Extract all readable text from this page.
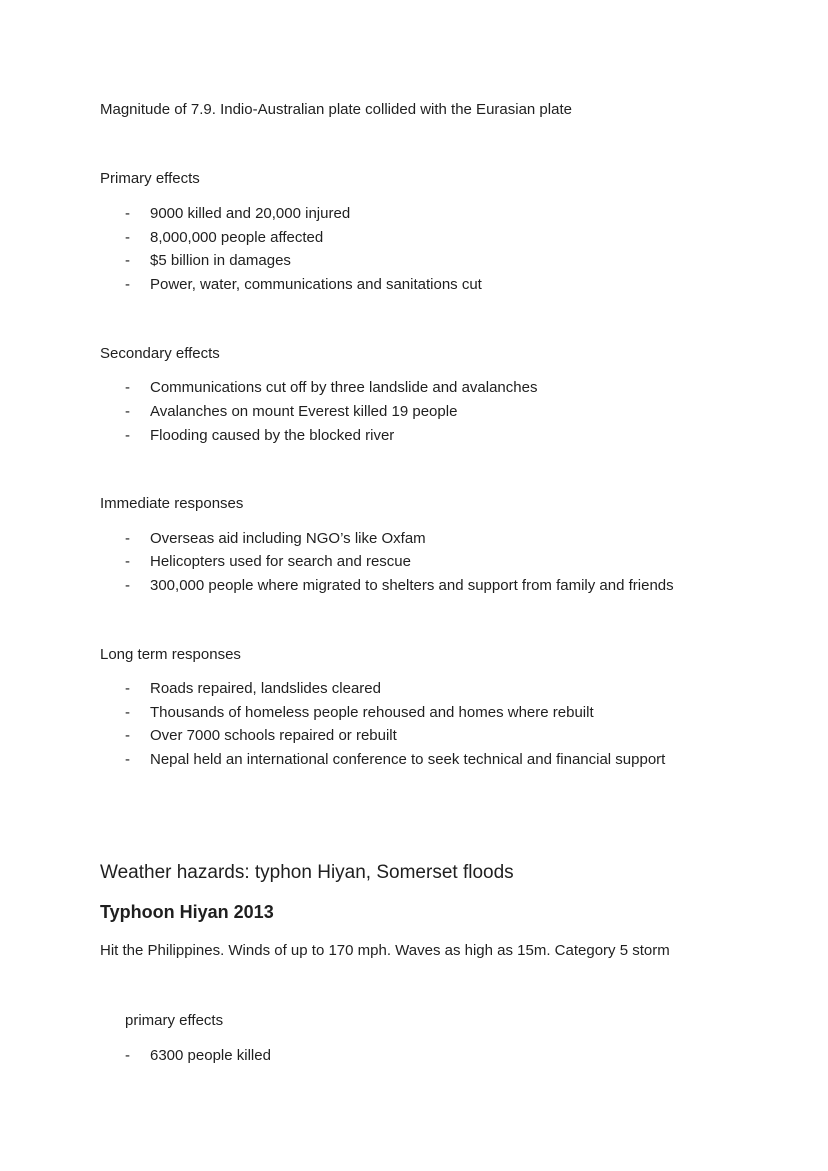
Magnitude of 7.9. Indio-Australian plate collided with the Eurasian plate
Primary effects
- 9000 killed and 20,000 injured
- 8,000,000 people affected
- $5 billion in damages
- Power, water, communications and sanitations cut
Secondary effects
- Communications cut off by three landslide and avalanches
- Avalanches on mount Everest killed 19 people
- Flooding caused by the blocked river
Immediate responses
- Overseas aid including NGO’s like Oxfam
- Helicopters used for search and rescue
- 300,000 people where migrated to shelters and support from family and friends
Long term responses
- Roads repaired, landslides cleared
- Thousands of homeless people rehoused and homes where rebuilt
- Over 7000 schools repaired or rebuilt
- Nepal held an international conference to seek technical and financial support
Weather hazards: typhon Hiyan, Somerset floods
Typhoon Hiyan 2013
Hit the Philippines. Winds of up to 170 mph. Waves as high as 15m. Category 5 storm
primary effects
- 6300 people killed
